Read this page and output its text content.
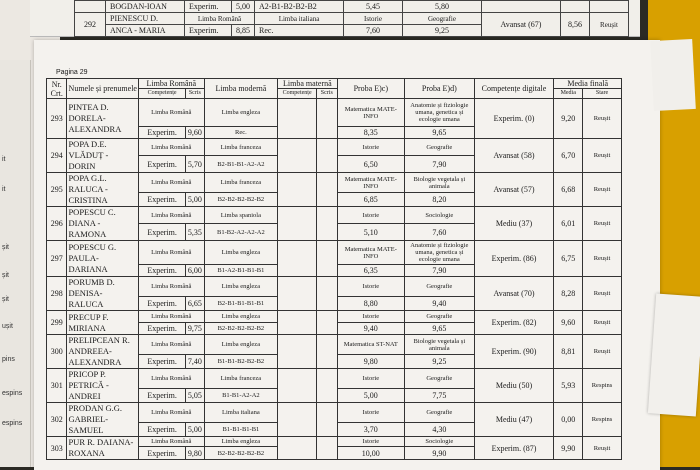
	BOGDAN-IOAN	Experim.	5,00	A2-B1-B2-B2-B2	5,45	5,80			
292	PIENESCU D.	Limba Română		Limba italiana	Istorie	Geografie	Avansat (67)	8,56	Reușit
	ANCA - MARIA	Experim.	8,85	Rec.	7,60	9,25			
it
it
șit
șit
șit
ușit
pins
espins
espins
Pagina 29
Nr. Crt.	Numele și prenumele	Limba Română		Limba modernă	Limba maternă		Proba E)c)	Proba E)d)	Competențe digitale	Media finală	
		Competențe	Scris		Competențe	Scris				Media	Stare
293	PINTEA D. DORELA-ALEXANDRA	Limba Română		Limba engleza			Matematica MATE-INFO	Anatomie și fiziologie umana, genetica și ecologie umana	Experim. (0)	9,20	Reușit
		Experim.	9,60	Rec.			8,35	9,65			
294	POPA D.E. VLĂDUȚ - DORIN	Limba Română		Limba franceza			Istorie	Geografie	Avansat (58)	6,70	Reușit
		Experim.	5,70	B2-B1-B1-A2-A2			6,50	7,90			
295	POPA G.L. RALUCA - CRISTINA	Limba Română		Limba franceza			Matematica MATE-INFO	Biologie vegetala și animala	Avansat (57)	6,68	Reușit
		Experim.	5,00	B2-B2-B2-B2-B2			6,85	8,20			
296	POPESCU C. DIANA - RAMONA	Limba Română		Limba spaniola			Istorie	Sociologie	Mediu (37)	6,01	Reușit
		Experim.	5,35	B1-B2-A2-A2-A2			5,10	7,60			
297	POPESCU G. PAULA-DARIANA	Limba Română		Limba engleza			Matematica MATE-INFO	Anatomie și fiziologie umana, genetica și ecologie umana	Experim. (86)	6,75	Reușit
		Experim.	6,00	B1-A2-B1-B1-B1			6,35	7,90			
298	PORUMB D. DENISA- RALUCA	Limba Română		Limba engleza			Istorie	Geografie	Avansat (70)	8,28	Reușit
		Experim.	6,65	B2-B1-B1-B1-B1			8,80	9,40			
299	PRECUP F. MIRIANA	Limba Română		Limba engleza			Istorie	Geografie	Experim. (82)	9,60	Reușit
		Experim.	9,75	B2-B2-B2-B2-B2			9,40	9,65			
300	PRELIPCEAN R. ANDREEA-ALEXANDRA	Limba Română		Limba engleza			Matematica ST-NAT	Biologie vegetala și animala	Experim. (90)	8,81	Reușit
		Experim.	7,40	B1-B1-B2-B2-B2			9,80	9,25			
301	PRICOP P. PETRICĂ - ANDREI	Limba Română		Limba franceza			Istorie	Geografie	Mediu (50)	5,93	Respins
		Experim.	5,05	B1-B1-A2-A2			5,00	7,75			
302	PRODAN G.G. GABRIEL-SAMUEL	Limba Română		Limba italiana			Istorie	Geografie	Mediu (47)	0,00	Respins
		Experim.	5,00	B1-B1-B1-B1			3,70	4,30			
303	PUR R. DAIANA-ROXANA	Limba Română		Limba engleza			Istorie	Sociologie	Experim. (87)	9,90	Reușit
		Experim.	9,80	B2-B2-B2-B2-B2			10,00	9,90			
